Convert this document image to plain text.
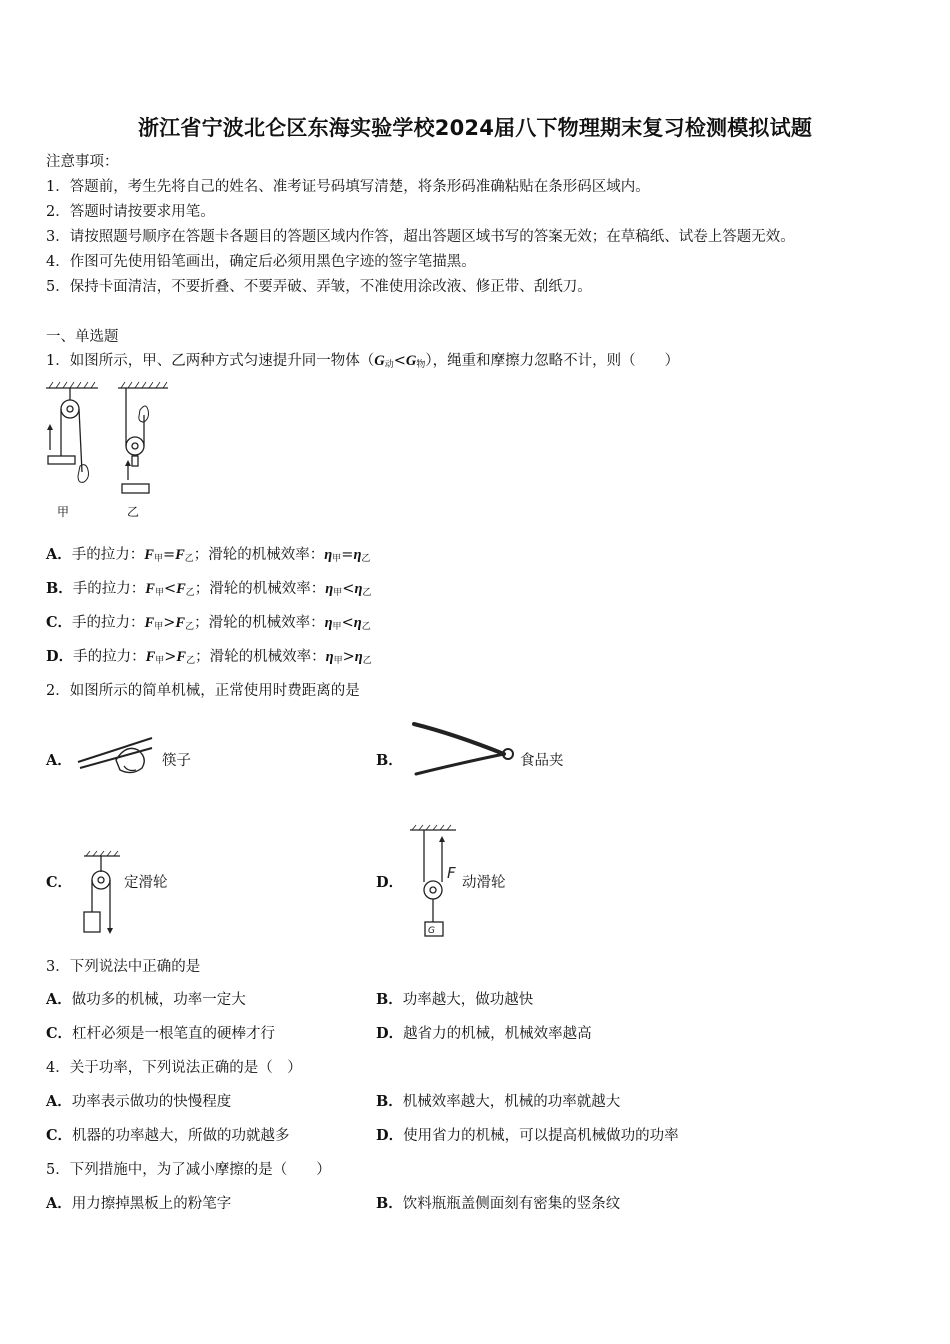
浙江省宁波北仑区东海实验学校2024届八下物理期末复习检测模拟试题
注意事项：
1．答题前，考生先将自己的姓名、准考证号码填写清楚，将条形码准确粘贴在条形码区域内。
2．答题时请按要求用笔。
3．请按照题号顺序在答题卡各题目的答题区域内作答，超出答题区域书写的答案无效；在草稿纸、试卷上答题无效。
4．作图可先使用铅笔画出，确定后必须用黑色字迹的签字笔描黑。
5．保持卡面清洁，不要折叠、不要弄破、弄皱，不准使用涂改液、修正带、刮纸刀。
一、单选题
1．如图所示，甲、乙两种方式匀速提升同一物体$(G_动<G_物)$，绳重和摩擦力忽略不计，则（　　）
甲	乙
A．手的拉力：$F_甲=F_乙$；滑轮的机械效率：$\eta_甲=\eta_乙$
B．手的拉力：$F_甲<F_乙$；滑轮的机械效率：$\eta_甲<\eta_乙$
C．手的拉力：$F_甲>F_乙$；滑轮的机械效率：$\eta_甲<\eta_乙$
D．手的拉力：$F_甲>F_乙$；滑轮的机械效率：$\eta_甲>\eta_乙$
2．如图所示的简单机械，正常使用时费距离的是
A．	筷子	B．	食品夹
C．	定滑轮	D．
F
G
动滑轮
3．下列说法中正确的是
A．做功多的机械，功率一定大	B．功率越大，做功越快
C．杠杆必须是一根笔直的硬棒才行	D．越省力的机械，机械效率越高
4．关于功率，下列说法正确的是（　）
A．功率表示做功的快慢程度	B．机械效率越大，机械的功率就越大
C．机器的功率越大，所做的功就越多	D．使用省力的机械，可以提高机械做功的功率
5．下列措施中，为了减小摩擦的是（　　）
A．用力擦掉黑板上的粉笔字	B．饮料瓶瓶盖侧面刻有密集的竖条纹
